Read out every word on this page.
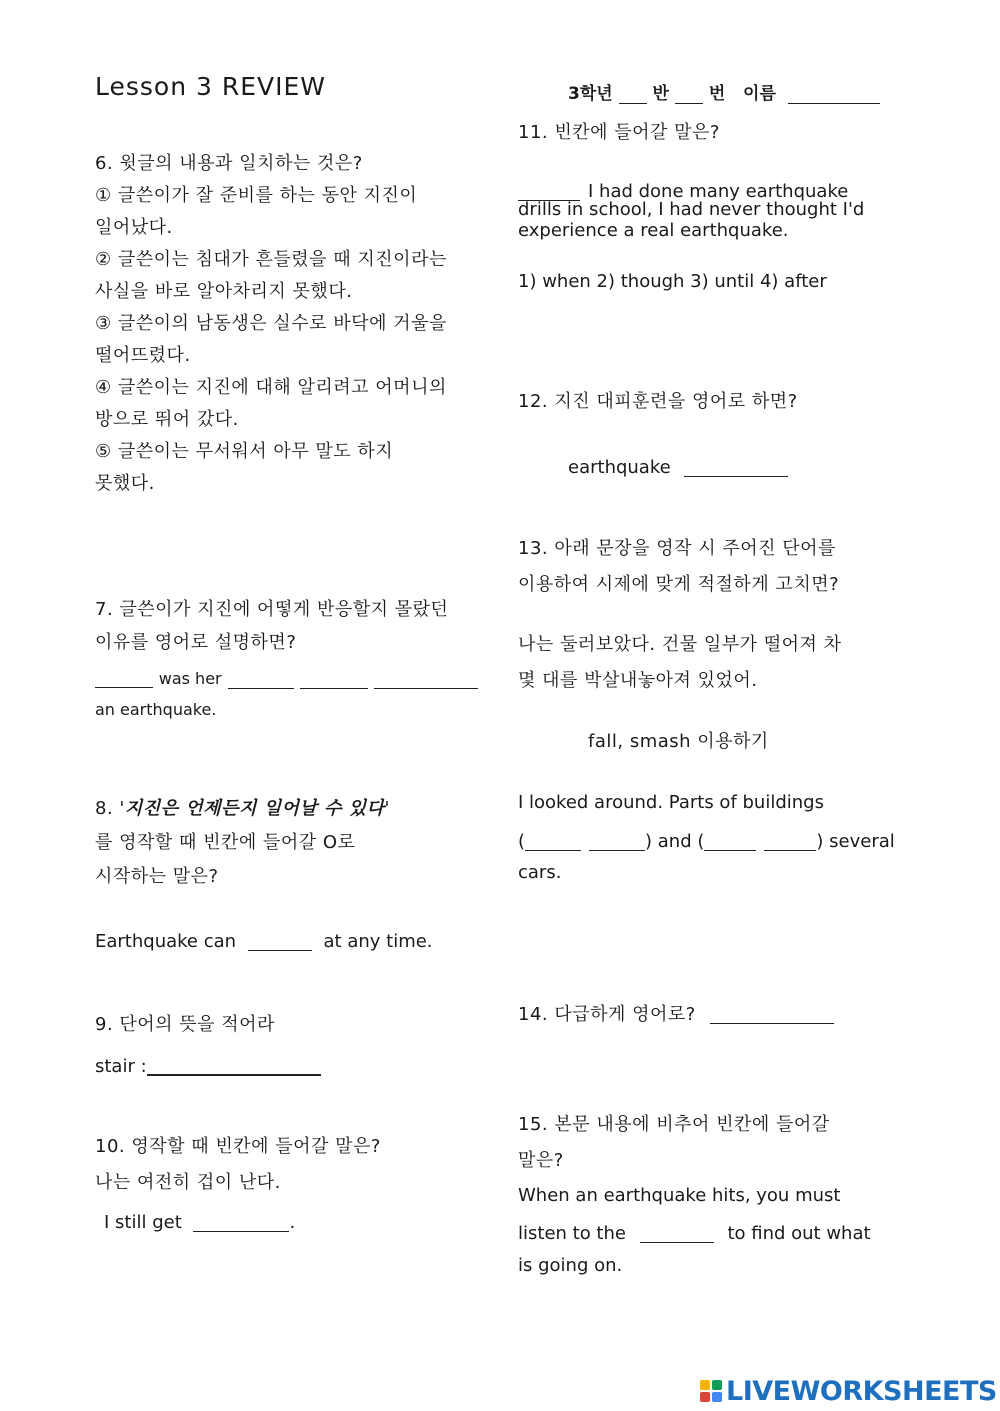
Lesson 3 REVIEW	3학년 반 번 이름
6. 윗글의 내용과 일치하는 것은?
① 글쓴이가 잘 준비를 하는 동안 지진이
일어났다.
② 글쓴이는 침대가 흔들렸을 때 지진이라는
사실을 바로 알아차리지 못했다.
③ 글쓴이의 남동생은 실수로 바닥에 거울을
떨어뜨렸다.
④ 글쓴이는 지진에 대해 알리려고 어머니의
방으로 뛰어 갔다.
⑤ 글쓴이는 무서워서 아무 말도 하지
못했다.
7. 글쓴이가 지진에 어떻게 반응할지 몰랐던
이유를 영어로 설명하면?
was her
an earthquake.
8. '지진은 언제든지 일어날 수 있다'
를 영작할 때 빈칸에 들어갈 O로
시작하는 말은?
Earthquake can	at any time.
9. 단어의 뜻을 적어라
stair :
10. 영작할 때 빈칸에 들어갈 말은?
나는 여전히 겁이 난다.
I still get	.
11. 빈칸에 들어갈 말은?
I had done many earthquake
drills in school, I had never thought I'd
experience a real earthquake.
1) when 2) though 3) until 4) after
12. 지진 대피훈련을 영어로 하면?
earthquake
13. 아래 문장을 영작 시 주어진 단어를
이용하여 시제에 맞게 적절하게 고치면?
나는 둘러보았다. 건물 일부가 떨어져 차
몇 대를 박살내놓아져 있었어.
fall, smash 이용하기
I looked around. Parts of buildings
(	) and (	) several
cars.
14. 다급하게 영어로?
15. 본문 내용에 비추어 빈칸에 들어갈
말은?
When an earthquake hits, you must
listen to the	to find out what
is going on.
LIVEWORKSHEETS
